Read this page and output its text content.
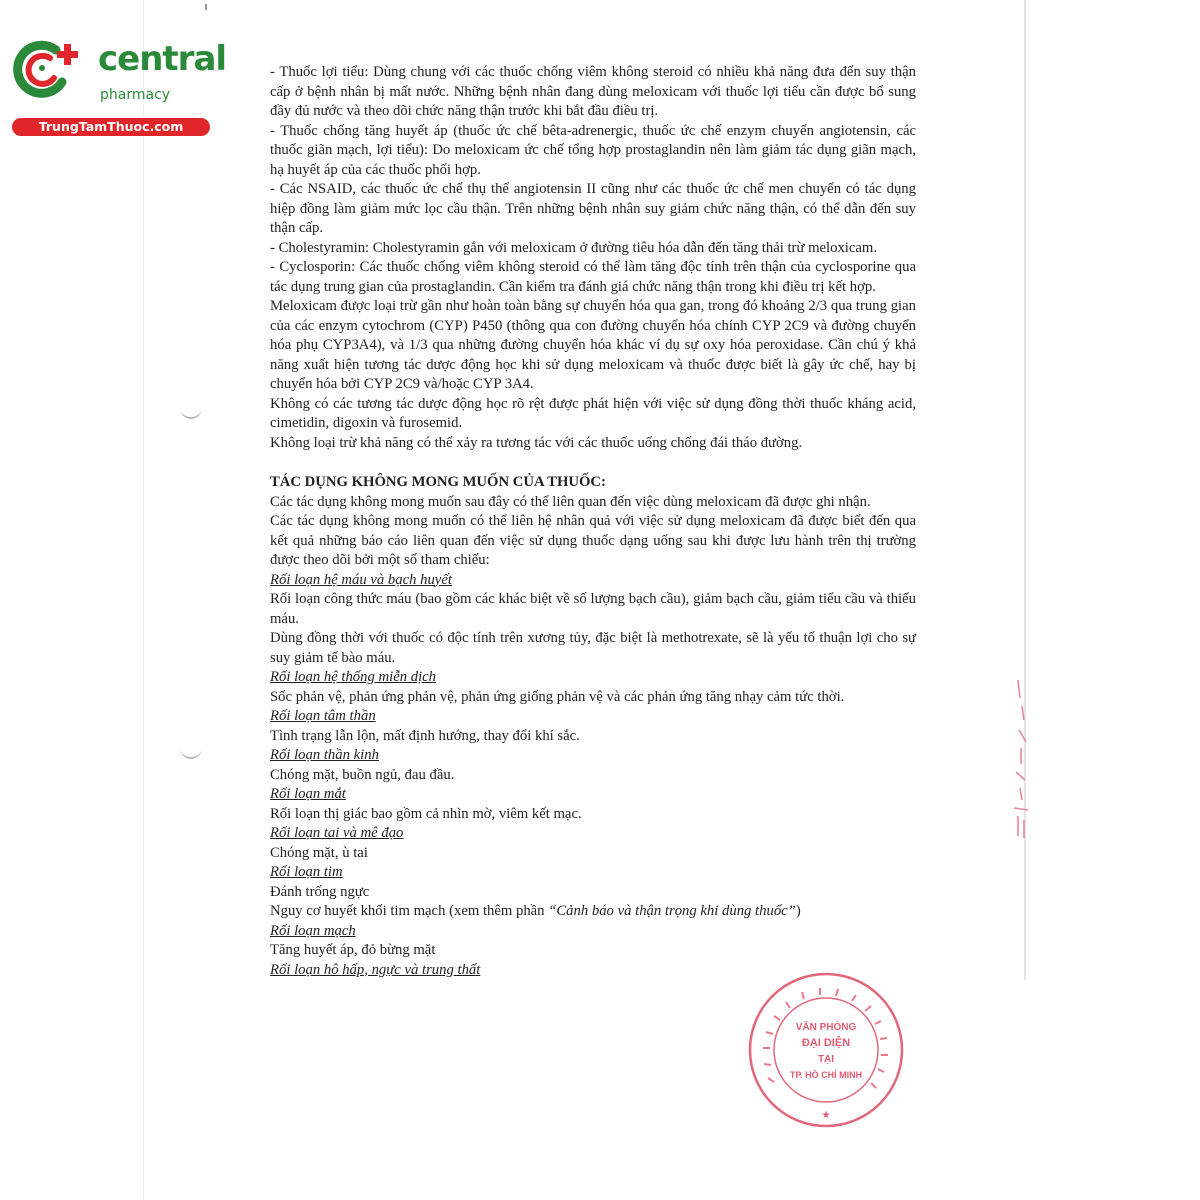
central
pharmacy
TrungTamThuoc.com

- Thuốc lợi tiểu: Dùng chung với các thuốc chống viêm không steroid có nhiều khả năng đưa đến suy thận cấp ở bệnh nhân bị mất nước. Những bệnh nhân đang dùng meloxicam với thuốc lợi tiểu cần được bổ sung đầy đủ nước và theo dõi chức năng thận trước khi bắt đầu điều trị.

- Thuốc chống tăng huyết áp (thuốc ức chế bêta-adrenergic, thuốc ức chế enzym chuyển angiotensin, các thuốc giãn mạch, lợi tiểu): Do meloxicam ức chế tổng hợp prostaglandin nên làm giảm tác dụng giãn mạch, hạ huyết áp của các thuốc phối hợp.

- Các NSAID, các thuốc ức chế thụ thể angiotensin II cũng như các thuốc ức chế men chuyển có tác dụng hiệp đồng làm giảm mức lọc cầu thận. Trên những bệnh nhân suy giảm chức năng thận, có thể dẫn đến suy thận cấp.

- Cholestyramin: Cholestyramin gắn với meloxicam ở đường tiêu hóa dẫn đến tăng thải trừ meloxicam.

- Cyclosporin: Các thuốc chống viêm không steroid có thể làm tăng độc tính trên thận của cyclosporine qua tác dụng trung gian của prostaglandin. Cần kiểm tra đánh giá chức năng thận trong khi điều trị kết hợp.

Meloxicam được loại trừ gần như hoàn toàn bằng sự chuyển hóa qua gan, trong đó khoảng 2/3 qua trung gian của các enzym cytochrom (CYP) P450 (thông qua con đường chuyển hóa chính CYP 2C9 và đường chuyển hóa phụ CYP3A4), và 1/3 qua những đường chuyển hóa khác ví dụ sự oxy hóa peroxidase. Cần chú ý khả năng xuất hiện tương tác dược động học khi sử dụng meloxicam và thuốc được biết là gây ức chế, hay bị chuyển hóa bởi CYP 2C9 và/hoặc CYP 3A4.

Không có các tương tác dược động học rõ rệt được phát hiện với việc sử dụng đồng thời thuốc kháng acid, cimetidin, digoxin và furosemid.

Không loại trừ khả năng có thể xảy ra tương tác với các thuốc uống chống đái tháo đường.

TÁC DỤNG KHÔNG MONG MUỐN CỦA THUỐC:

Các tác dụng không mong muốn sau đây có thể liên quan đến việc dùng meloxicam đã được ghi nhận.

Các tác dụng không mong muốn có thể liên hệ nhân quả với việc sử dụng meloxicam đã được biết đến qua kết quả những báo cáo liên quan đến việc sử dụng thuốc dạng uống sau khi được lưu hành trên thị trường được theo dõi bởi một số tham chiếu:

Rối loạn hệ máu và bạch huyết

Rối loạn công thức máu (bao gồm các khác biệt về số lượng bạch cầu), giảm bạch cầu, giảm tiểu cầu và thiếu máu.

Dùng đồng thời với thuốc có độc tính trên xương tủy, đặc biệt là methotrexate, sẽ là yếu tố thuận lợi cho sự suy giảm tế bào máu.

Rối loạn hệ thống miễn dịch

Sốc phản vệ, phản ứng phản vệ, phản ứng giống phản vệ và các phản ứng tăng nhạy cảm tức thời.

Rối loạn tâm thần

Tình trạng lẫn lộn, mất định hướng, thay đổi khí sắc.

Rối loạn thần kinh

Chóng mặt, buồn ngủ, đau đầu.

Rối loạn mắt

Rối loạn thị giác bao gồm cả nhìn mờ, viêm kết mạc.

Rối loạn tai và mê đạo

Chóng mặt, ù tai

Rối loạn tim

Đánh trống ngực

Nguy cơ huyết khối tim mạch (xem thêm phần “Cảnh báo và thận trọng khi dùng thuốc”)

Rối loạn mạch

Tăng huyết áp, đỏ bừng mặt

Rối loạn hô hấp, ngực và trung thất

VĂN PHÒNG
ĐẠI DIỆN
TẠI
TP. HỒ CHÍ MINH
★
